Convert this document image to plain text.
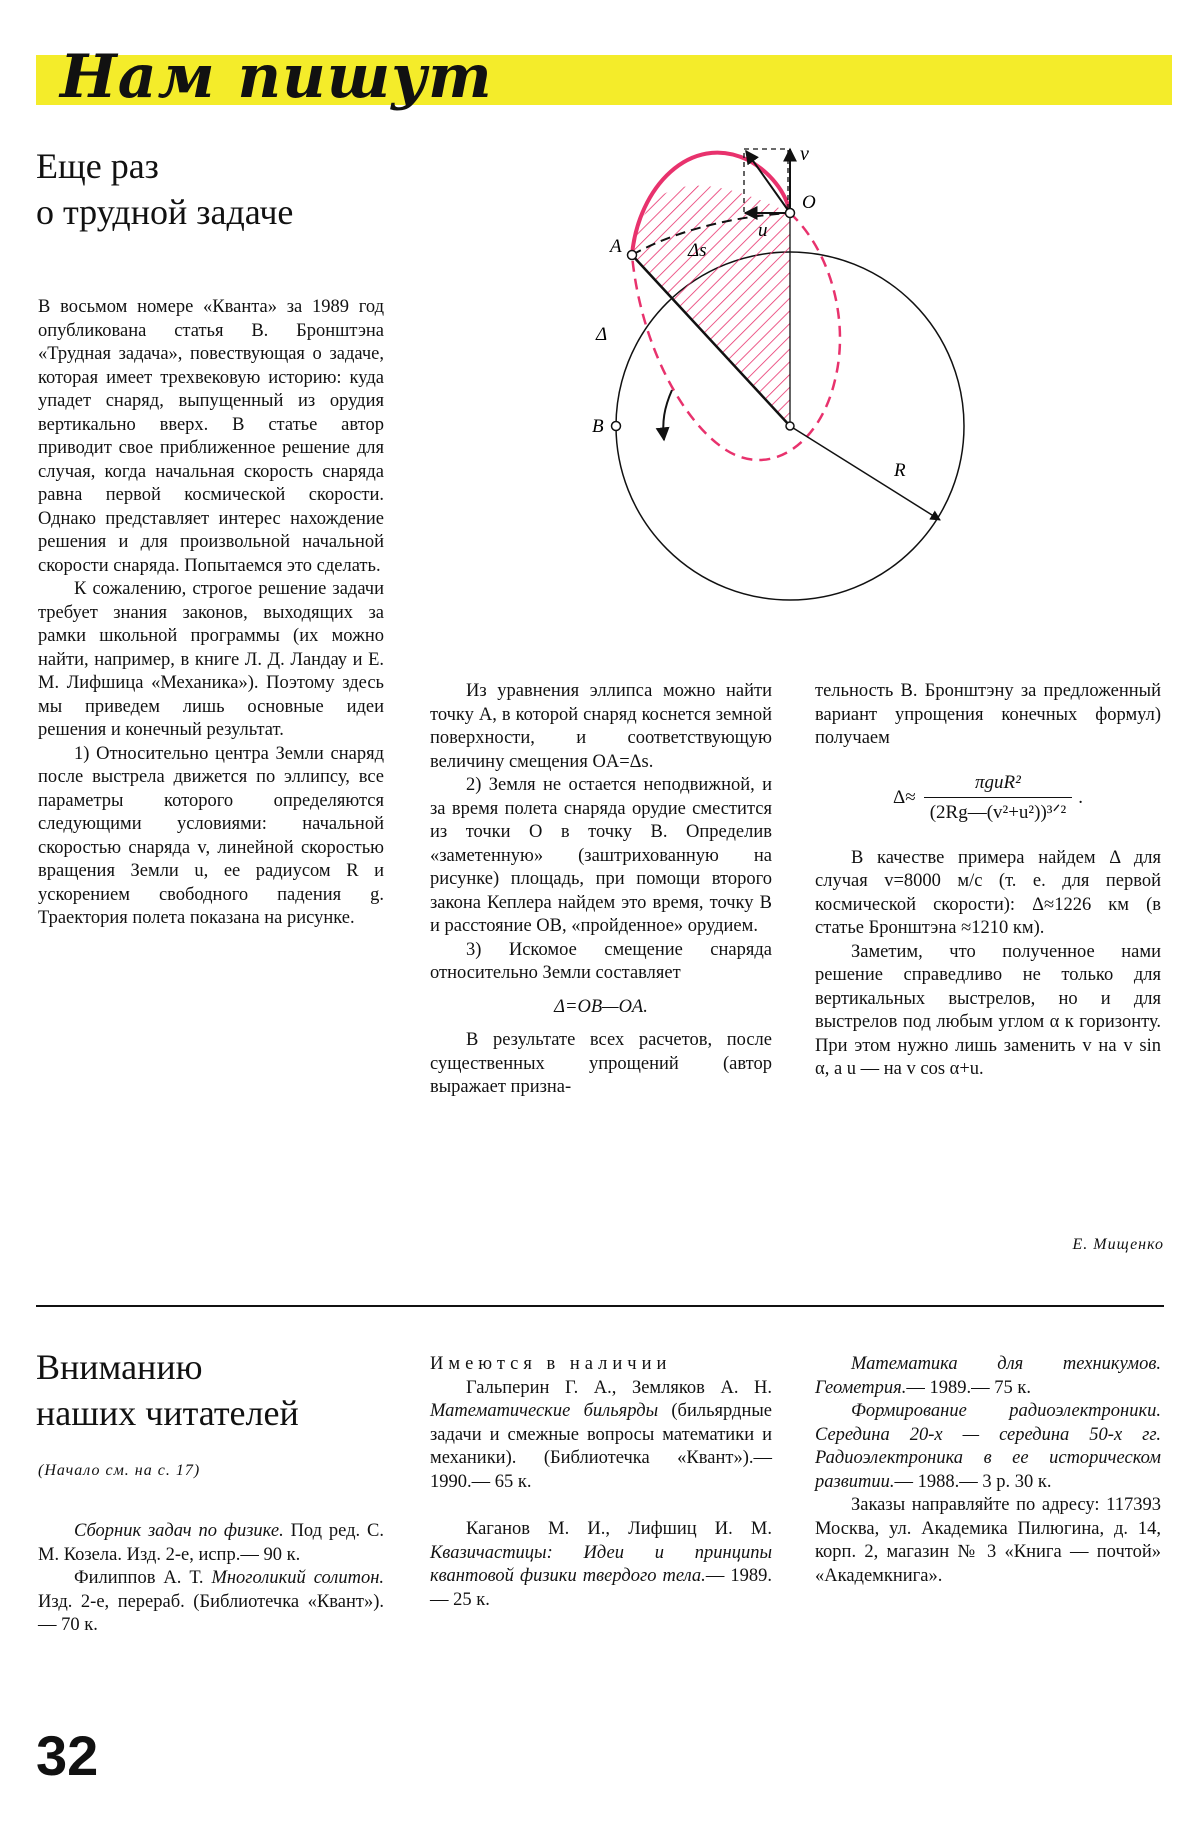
Нам пишут
Еще раз
о трудной задаче
v
O
u
A	Δs
Δ
B
R

В восьмом номере «Кванта» за 1989 год опубликована статья В. Бронштэна «Трудная задача», повествующая о задаче, которая имеет трехвековую историю: куда упадет снаряд, выпущенный из орудия вертикально вверх. В статье автор приводит свое приближенное решение для случая, когда начальная скорость снаряда равна первой космической скорости. Однако представляет интерес нахождение решения и для произвольной начальной скорости снаряда. Попытаемся это сделать.

К сожалению, строгое решение задачи требует знания законов, выходящих за рамки школьной программы (их можно найти, например, в книге Л. Д. Ландау и Е. М. Лифшица «Механика»). Поэтому здесь мы приведем лишь основные идеи решения и конечный результат.

1) Относительно центра Земли снаряд после выстрела движется по эллипсу, все параметры которого определяются следующими условиями: начальной скоростью снаряда v, линейной скоростью вращения Земли u, ее радиусом R и ускорением свободного падения g. Траектория полета показана на рисунке.

Из уравнения эллипса можно найти точку A, в которой снаряд коснется земной поверхности, и соответствующую величину смещения OA=Δs.

2) Земля не остается неподвижной, и за время полета снаряда орудие сместится из точки O в точку B. Определив «заметенную» (заштрихованную на рисунке) площадь, при помощи второго закона Кеплера найдем это время, точку B и расстояние OB, «пройденное» орудием.

3) Искомое смещение снаряда относительно Земли составляет

Δ=OB—OA.

В результате всех расчетов, после существенных упрощений (автор выражает призна-

тельность В. Бронштэну за предложенный вариант упрощения конечных формул) получаем

$\Delta\approx \frac{\text{πguR²}}{\text{(2Rg—(v²+u²))³ᐟ²}}$ .

В качестве примера найдем Δ для случая v=8000 м/с (т. е. для первой космической скорости): Δ≈1226 км (в статье Бронштэна ≈1210 км).

Заметим, что полученное нами решение справедливо не только для вертикальных выстрелов, но и для выстрелов под любым углом α к горизонту. При этом нужно лишь заменить v на v sin α, а u — на v cos α+u.

Е. Мищенко
Вниманию
наших читателей
(Начало см. на с. 17)

Сборник задач по физике. Под ред. С. М. Козела. Изд. 2-е, испр.— 90 к.

Филиппов А. Т. Многоликий солитон. Изд. 2-е, перераб. (Библиотечка «Квант»).— 70 к.

Имеются в наличии

Гальперин Г. А., Земляков А. Н. Математические бильярды (бильярдные задачи и смежные вопросы математики и механики). (Библиотечка «Квант»).— 1990.— 65 к.

Каганов М. И., Лифшиц И. М. Квазичастицы: Идеи и принципы квантовой физики твердого тела.— 1989. — 25 к.

Математика для техникумов. Геометрия.— 1989.— 75 к.

Формирование радиоэлектроники. Середина 20-х — середина 50-х гг. Радиоэлектроника в ее историческом развитии.— 1988.— 3 р. 30 к.

Заказы направляйте по адресу: 117393 Москва, ул. Академика Пилюгина, д. 14, корп. 2, магазин № 3 «Книга — почтой» «Академкнига».

32
